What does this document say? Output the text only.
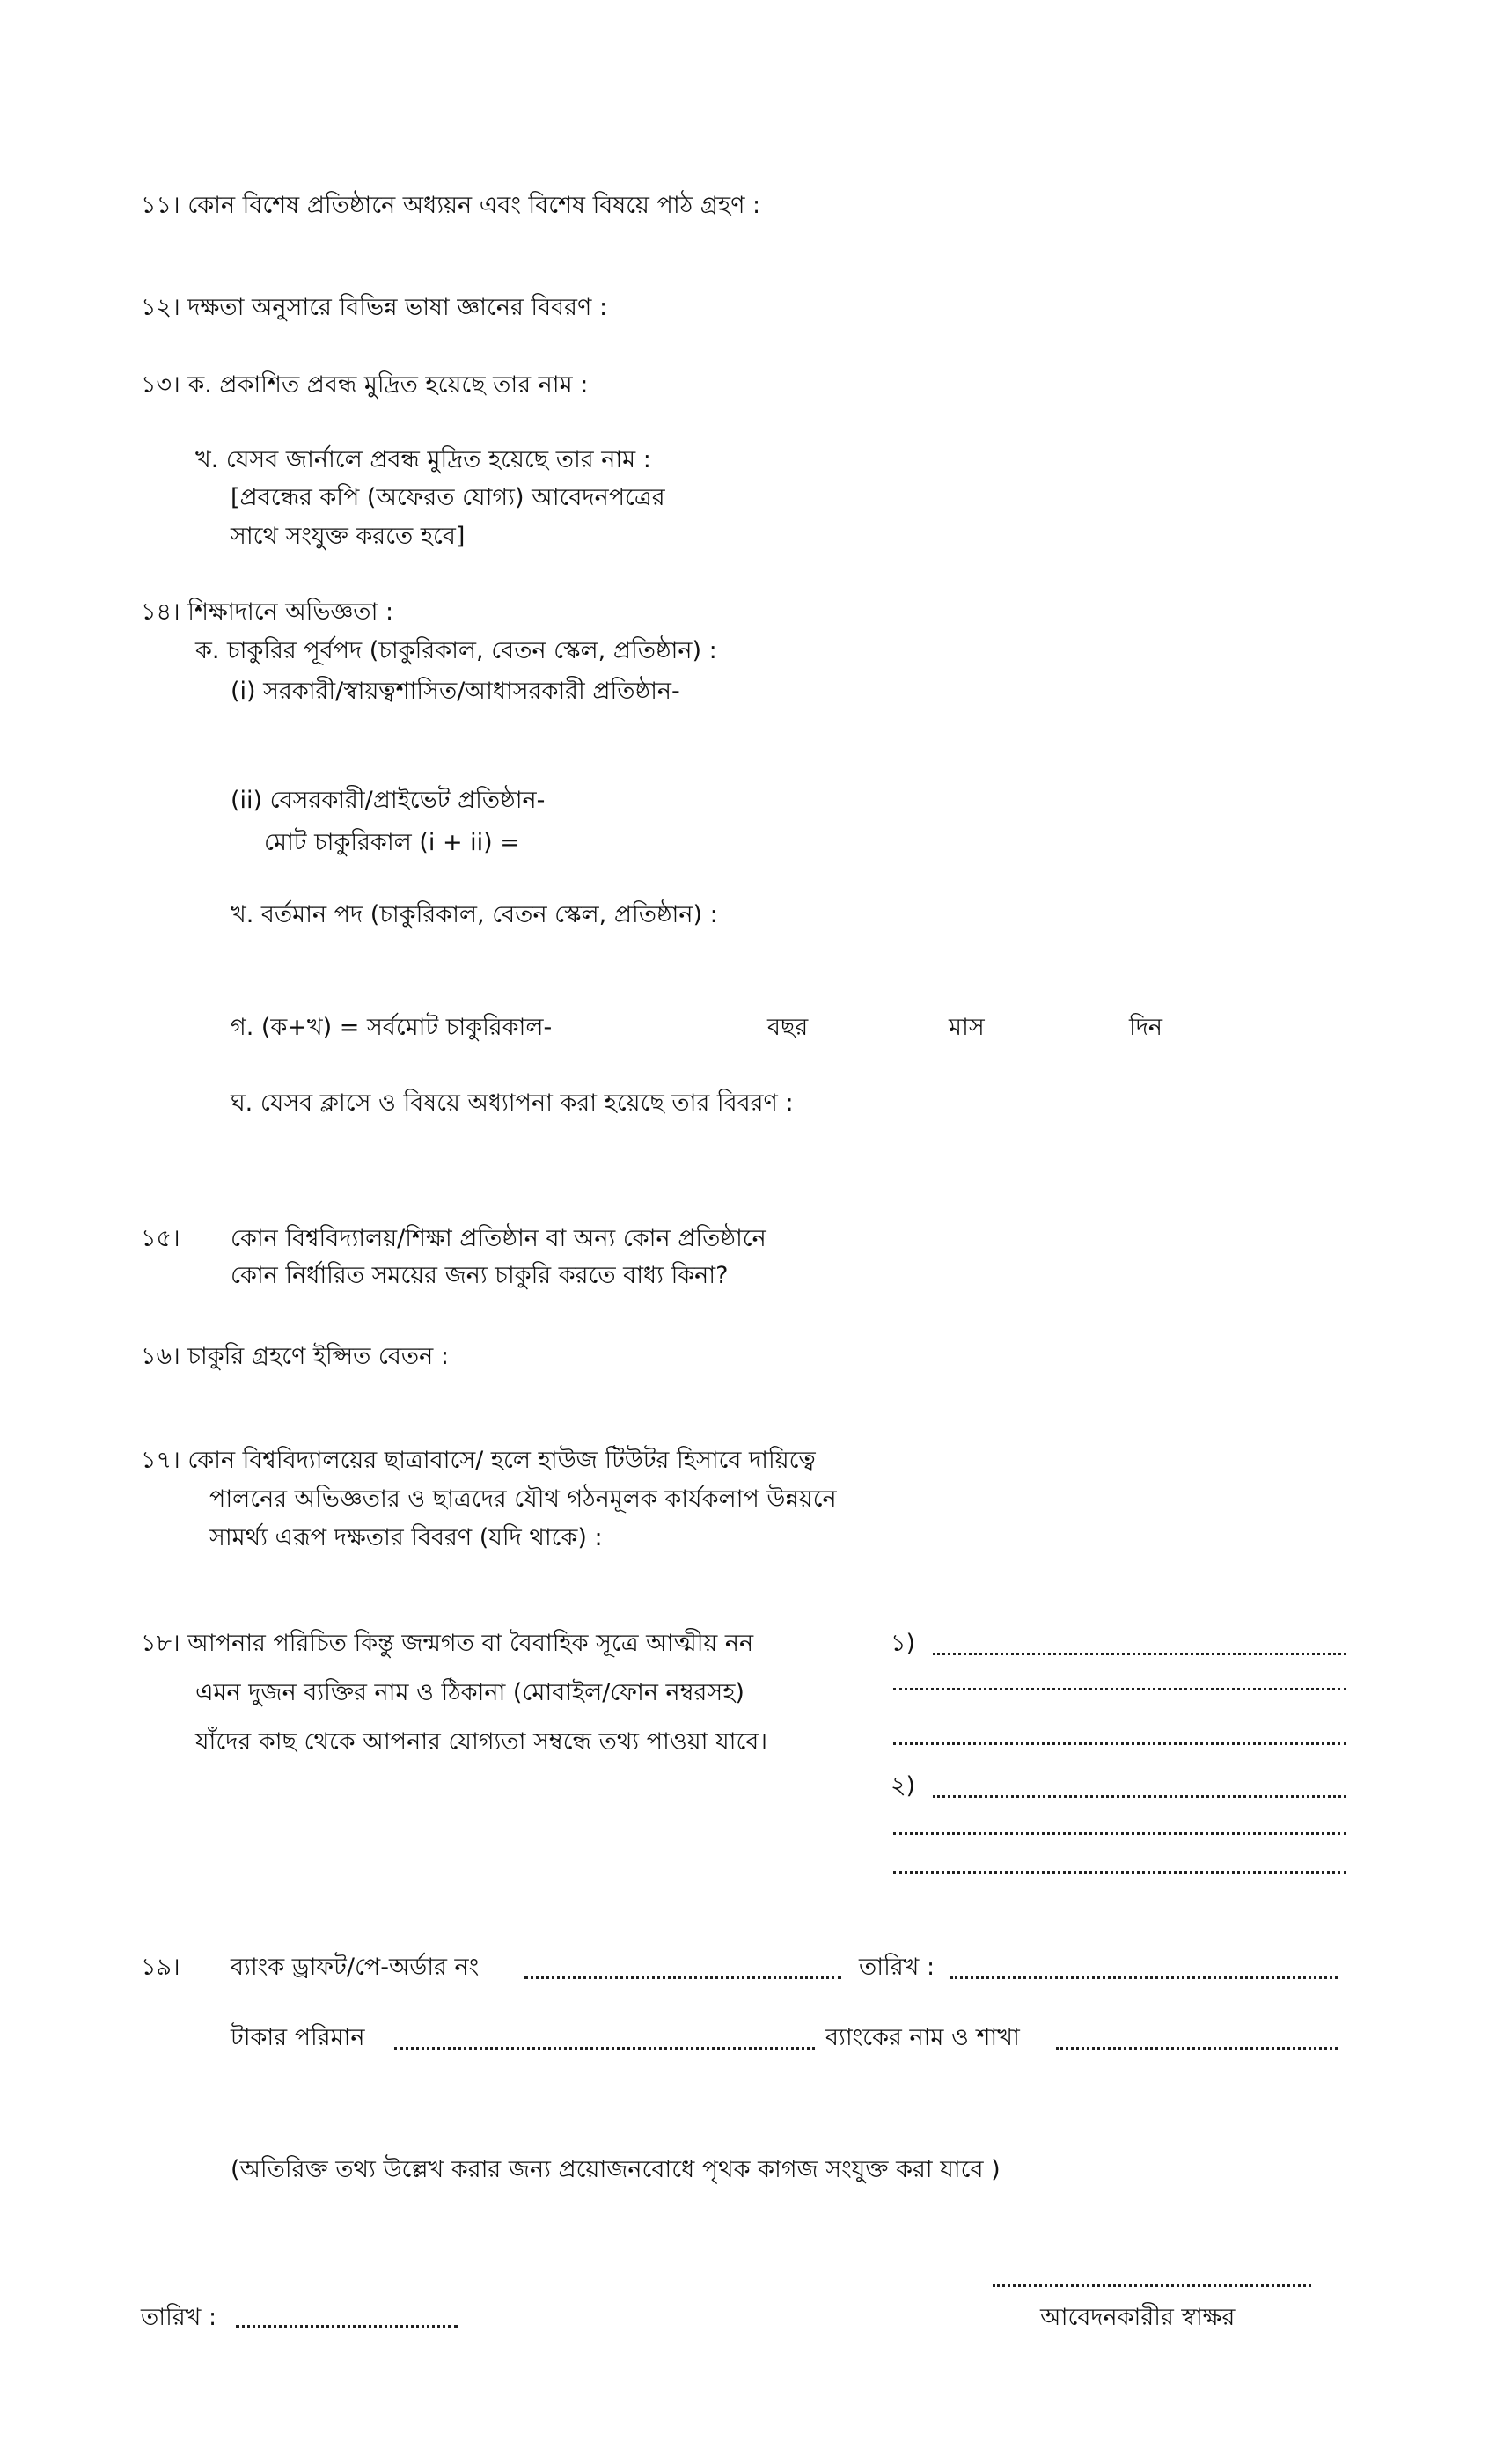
১১। কোন বিশেষ প্রতিষ্ঠানে অধ্যয়ন এবং বিশেষ বিষয়ে পাঠ গ্রহণ :
১২। দক্ষতা অনুসারে বিভিন্ন ভাষা জ্ঞানের বিবরণ :
১৩। ক. প্রকাশিত প্রবন্ধ মুদ্রিত হয়েছে তার নাম :
খ. যেসব জার্নালে প্রবন্ধ মুদ্রিত হয়েছে তার নাম :
[প্রবন্ধের কপি (অফেরত যোগ্য) আবেদনপত্রের
সাথে সংযুক্ত করতে হবে]
১৪। শিক্ষাদানে অভিজ্ঞতা :
ক. চাকুরির পূর্বপদ (চাকুরিকাল, বেতন স্কেল, প্রতিষ্ঠান) :
(i) সরকারী/স্বায়ত্বশাসিত/আধাসরকারী প্রতিষ্ঠান-
(ii) বেসরকারী/প্রাইভেট প্রতিষ্ঠান-
মোট চাকুরিকাল (i + ii) =
খ. বর্তমান পদ (চাকুরিকাল, বেতন স্কেল, প্রতিষ্ঠান) :
গ. (ক+খ) = সর্বমোট চাকুরিকাল-	বছর	মাস	দিন
ঘ. যেসব ক্লাসে ও বিষয়ে অধ্যাপনা করা হয়েছে তার বিবরণ :
১৫। কোন বিশ্ববিদ্যালয়/শিক্ষা প্রতিষ্ঠান বা অন্য কোন প্রতিষ্ঠানে
কোন নির্ধারিত সময়ের জন্য চাকুরি করতে বাধ্য কিনা?
১৬। চাকুরি গ্রহণে ইপ্সিত বেতন :
১৭। কোন বিশ্ববিদ্যালয়ের ছাত্রাবাসে/ হলে হাউজ টিউটর হিসাবে দায়িত্বে
পালনের অভিজ্ঞতার ও ছাত্রদের যৌথ গঠনমূলক কার্যকলাপ উন্নয়নে
সামর্থ্য এরূপ দক্ষতার বিবরণ (যদি থাকে) :
১৮। আপনার পরিচিত কিন্তু জন্মগত বা বৈবাহিক সূত্রে আত্মীয় নন
এমন দুজন ব্যক্তির নাম ও ঠিকানা (মোবাইল/ফোন নম্বরসহ)
যাঁদের কাছ থেকে আপনার যোগ্যতা সম্বন্ধে তথ্য পাওয়া যাবে।
১)
২)
১৯। ব্যাংক ড্রাফট/পে-অর্ডার নং	তারিখ :
টাকার পরিমান	ব্যাংকের নাম ও শাখা
(অতিরিক্ত তথ্য উল্লেখ করার জন্য প্রয়োজনবোধে পৃথক কাগজ সংযুক্ত করা যাবে )
তারিখ :	আবেদনকারীর স্বাক্ষর
